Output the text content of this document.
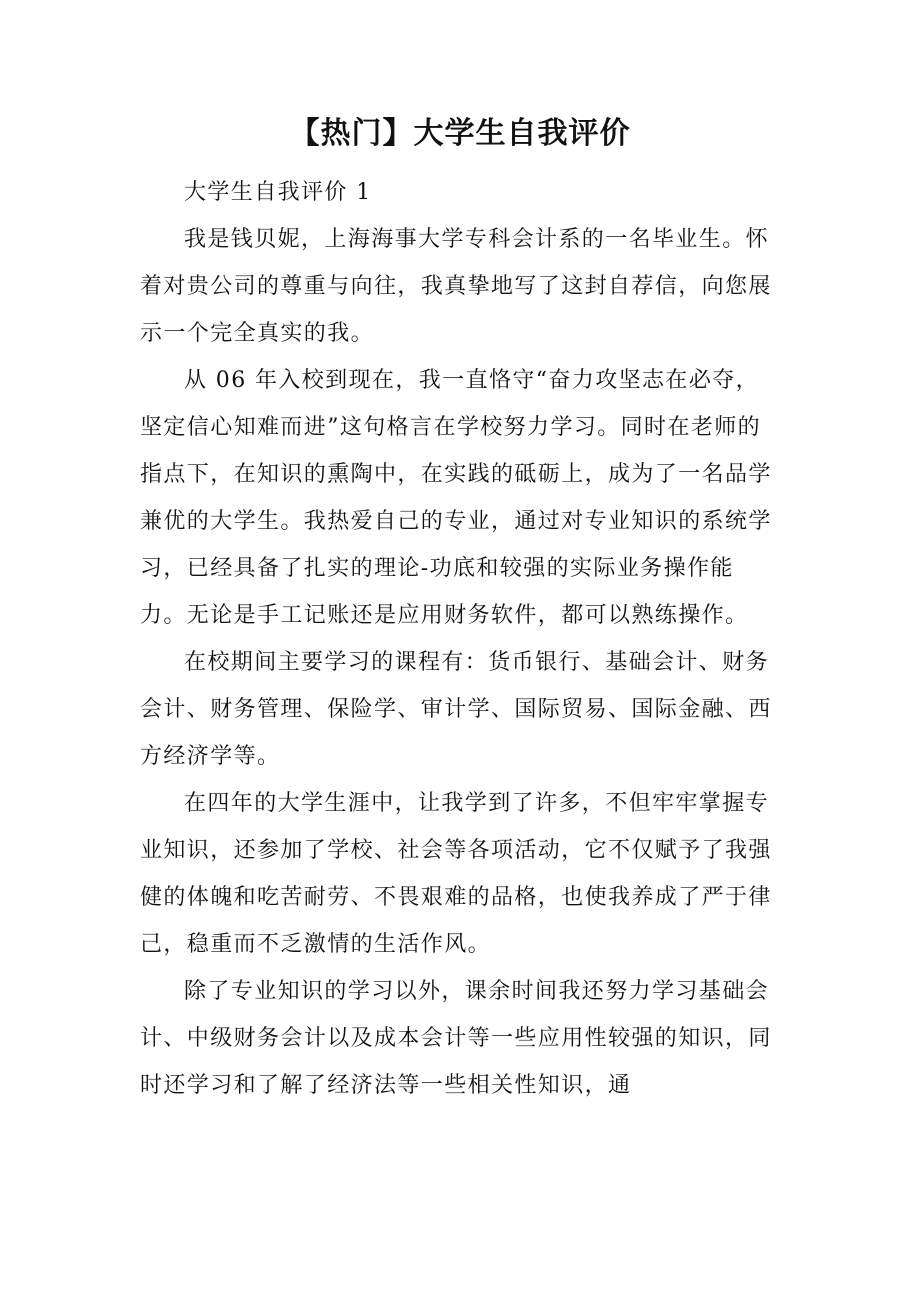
【热门】大学生自我评价

大学生自我评价 1

我是钱贝妮，上海海事大学专科会计系的一名毕业生。怀着对贵公司的尊重与向往，我真挚地写了这封自荐信，向您展示一个完全真实的我。

从 06 年入校到现在，我一直恪守“奋力攻坚志在必夺，坚定信心知难而进”这句格言在学校努力学习。同时在老师的指点下，在知识的熏陶中，在实践的砥砺上，成为了一名品学兼优的大学生。我热爱自己的专业，通过对专业知识的系统学习，已经具备了扎实的理论-功底和较强的实际业务操作能力。无论是手工记账还是应用财务软件，都可以熟练操作。

在校期间主要学习的课程有：货币银行、基础会计、财务会计、财务管理、保险学、审计学、国际贸易、国际金融、西方经济学等。

在四年的大学生涯中，让我学到了许多，不但牢牢掌握专业知识，还参加了学校、社会等各项活动，它不仅赋予了我强健的体魄和吃苦耐劳、不畏艰难的品格，也使我养成了严于律己，稳重而不乏激情的生活作风。

除了专业知识的学习以外，课余时间我还努力学习基础会计、中级财务会计以及成本会计等一些应用性较强的知识，同时还学习和了解了经济法等一些相关性知识，通
